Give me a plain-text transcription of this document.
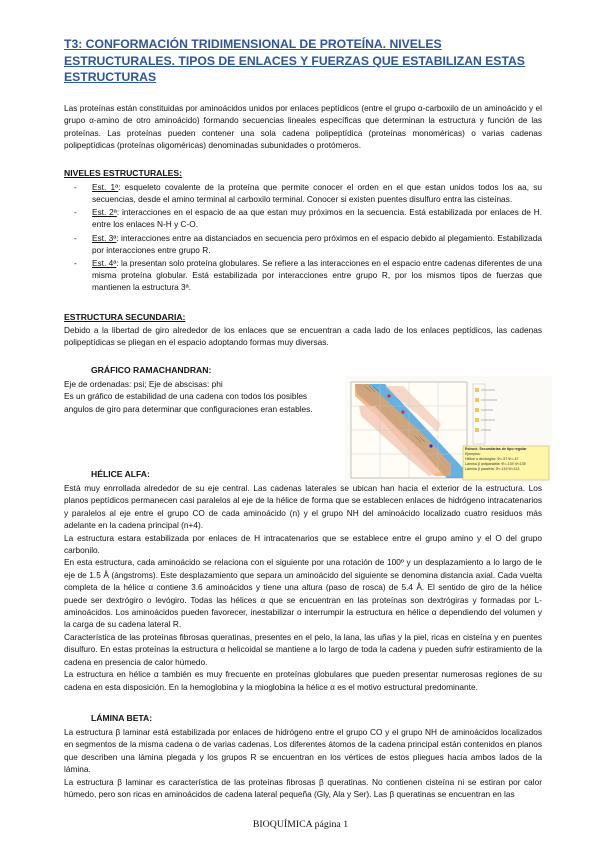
T3: CONFORMACIÓN TRIDIMENSIONAL DE PROTEÍNA. NIVELES ESTRUCTURALES. TIPOS DE ENLACES Y FUERZAS QUE ESTABILIZAN ESTAS ESTRUCTURAS

Las proteínas están constituidas por aminoácidos unidos por enlaces peptídicos (entre el grupo α-carboxilo de un aminoácido y el grupo α-amino de otro aminoácido) formando secuencias lineales específicas que determinan la estructura y función de las proteínas. Las proteínas pueden contener una sola cadena polipeptídica (proteínas monoméricas) o varias cadenas polipeptídicas (proteínas oligoméricas) denominadas subunidades o protómeros.

NIVELES ESTRUCTURALES:

- Est. 1ª: esqueleto covalente de la proteína que permite conocer el orden en el que estan unidos todos los aa, su secuencias, desde el amino terminal al carboxilo terminal. Conocer si existen puentes disulfuro entra las cisteínas.
- Est. 2ª: interacciones en el espacio de aa que estan muy próximos en la secuencia. Está estabilizada por enlaces de H. entre los enlaces N-H y C-O.
- Est. 3ª: interacciones entre aa distanciados en secuencia pero próximos en el espacio debido al plegamiento. Estabilizada por interacciones entre grupo R.
- Est. 4ª: la presentan solo proteína globulares. Se refiere a las interacciones en el espacio entre cadenas diferentes de una misma proteína globular. Está estabilizada por interacciones entre grupo R, por los mismos tipos de fuerzas que mantienen la estructura 3ª.

ESTRUCTURA SECUNDARIA:

Debido a la libertad de giro alrededor de los enlaces que se encuentran a cada lado de los enlaces peptídicos, las cadenas polipeptídicas se pliegan en el espacio adoptando formas muy diversas.

GRÁFICO RAMACHANDRAN:

Eje de ordenadas: psi; Eje de abscisas: phi
Es un gráfico de estabilidad de una cadena con todos los posibles angulos de giro para determinar que configuraciones eran estables.
Estruct. Secundarias de tipo regular
Ejemplos:
Hélice α dextrógira: Φ=-57 Ψ=-47
Lámina β antiparalela: Φ=-139 Ψ=135
Lámina β paralela: Φ=-119 Ψ=113

HÉLICE ALFA:

Está muy enrrollada alrededor de su eje central. Las cadenas laterales se ubican han hacia el exterior de la estructura. Los planos peptídicos permanecen casi paralelos al eje de la hélice de forma que se establecen enlaces de hidrógeno intracatenarios y paralelos al eje entre el grupo CO de cada aminoácido (n) y el grupo NH del aminoácido localizado cuatro residuos más adelante en la cadena principal (n+4).
La estructura estara estabilizada por enlaces de H intracatenarios que se establece entre el grupo amino y el O del grupo carbonilo.
En esta estructura, cada aminoácido se relaciona con el siguiente por una rotación de 100º y un desplazamiento a lo largo de le eje de 1.5 Å (ángstroms). Este desplazamiento que separa un aminoácido del siguiente se denomina distancia axial. Cada vuelta completa de la hélice α contiene 3.6 aminoácidos y tiene una altura (paso de rosca) de 5.4 Å. El sentido de giro de la hélice puede ser dextrógiro o levógiro. Todas las hélices α que se encuentran en las proteínas son dextrógiras y formadas por L-aminoácidos. Los aminoácidos pueden favorecer, inestabilizar o interrumpir la estructura en hélice α dependiendo del volumen y la carga de su cadena lateral R.
Característica de las proteínas fibrosas queratinas, presentes en el pelo, la lana, las uñas y la piel, ricas en cisteína y en puentes disulfuro. En estas proteínas la estructura α helicoidal se mantiene a lo largo de toda la cadena y pueden sufrir estiramiento de la cadena en presencia de calor húmedo.
La estructura en hélice α también es muy frecuente en proteínas globulares que pueden presentar numerosas regiones de su cadena en esta disposición. En la hemoglobina y la mioglobina la hélice α es el motivo estructural predominante.

LÁMINA BETA:

La estructura β laminar está estabilizada por enlaces de hidrógeno entre el grupo CO y el grupo NH de aminoácidos localizados en segmentos de la misma cadena o de varias cadenas. Los diferentes átomos de la cadena principal están contenidos en planos que describen una lámina plegada y los grupos R se encuentran en los vértices de estos pliegues hacia ambos lados de la lámina.
La estructura β laminar es característica de las proteínas fibrosas β queratinas. No contienen cisteína ni se estiran por calor húmedo, pero son ricas en aminoácidos de cadena lateral pequeña (Gly, Ala y Ser). Las β queratinas se encuentran en las
BIOQUÍMICA página 1
